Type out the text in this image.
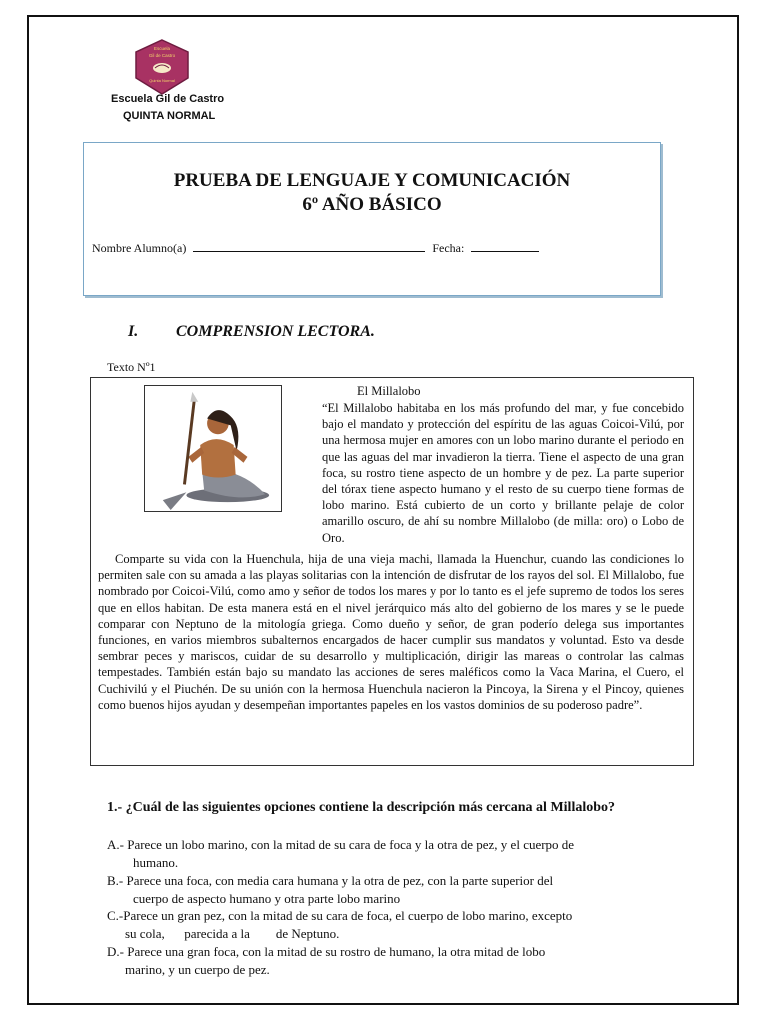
Escuela
Gil de Castro
Quinta Normal
Escuela Gil de Castro
QUINTA NORMAL
PRUEBA DE LENGUAJE Y COMUNICACIÓN
6º AÑO BÁSICO
Nombre Alumno(a)	Fecha:
I. COMPRENSION LECTORA.
Texto Nº1
El Millalobo
“El Millalobo habitaba en los más profundo del mar, y fue concebido bajo el mandato y protección del espíritu de las aguas Coicoi-Vilú, por una hermosa mujer en amores con un lobo marino durante el periodo en que las aguas del mar invadieron la tierra. Tiene el aspecto de una gran foca, su rostro tiene aspecto de un hombre y de pez. La parte superior del tórax tiene aspecto humano y el resto de su cuerpo tiene formas de lobo marino. Está cubierto de un corto y brillante pelaje de color amarillo oscuro, de ahí su nombre Millalobo (de milla: oro) o Lobo de Oro.
Comparte su vida con la Huenchula, hija de una vieja machi, llamada la Huenchur, cuando las condiciones lo permiten sale con su amada a las playas solitarias con la intención de disfrutar de los rayos del sol. El Millalobo, fue nombrado por Coicoi-Vilú, como amo y señor de todos los mares y por lo tanto es el jefe supremo de todos los seres que en ellos habitan. De esta manera está en el nivel jerárquico más alto del gobierno de los mares y se le puede comparar con Neptuno de la mitología griega. Como dueño y señor, de gran poderío delega sus importantes funciones, en varios miembros subalternos encargados de hacer cumplir sus mandatos y voluntad. Esto va desde sembrar peces y mariscos, cuidar de su desarrollo y multiplicación, dirigir las mareas o controlar las calmas tempestades. También están bajo su mandato las acciones de seres maléficos como la Vaca Marina, el Cuero, el Cuchivilú y el Piuchén. De su unión con la hermosa Huenchula nacieron la Pincoya, la Sirena y el Pincoy, quienes como buenos hijos ayudan y desempeñan importantes papeles en los vastos dominios de su poderoso padre”.
1.- ¿Cuál de las siguientes opciones contiene la descripción más cercana al Millalobo?
A.- Parece un lobo marino, con la mitad de su cara de foca y la otra de pez, y el cuerpo de
humano.
B.- Parece una foca, con media cara humana y la otra de pez, con la parte superior del
cuerpo de aspecto humano y otra parte lobo marino
C.-Parece un gran pez, con la mitad de su cara de foca, el cuerpo de lobo marino, excepto
su cola,      parecida a la        de Neptuno.
D.- Parece una gran foca, con la mitad de su rostro de humano, la otra mitad de lobo
marino, y un cuerpo de pez.
